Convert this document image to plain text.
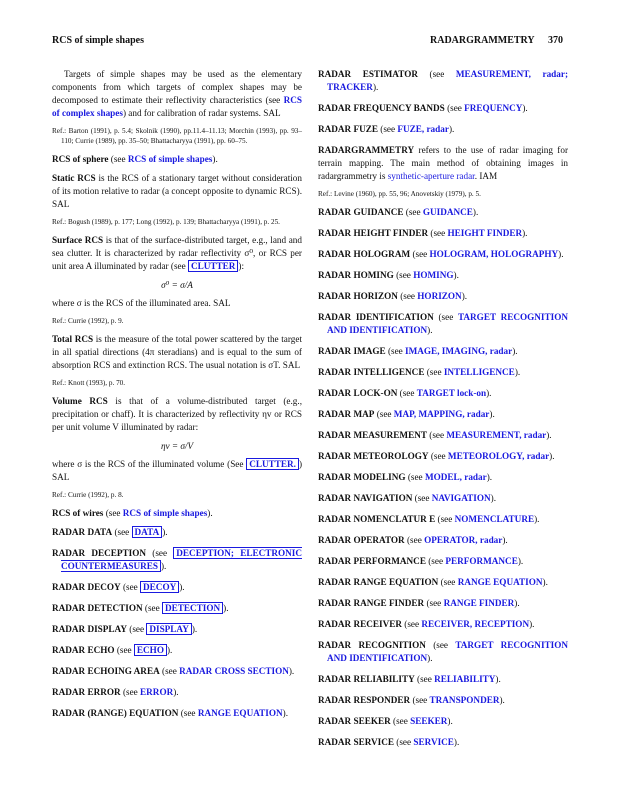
RCS of simple shapes	RADARGRAMMETRY 370

Targets of simple shapes may be used as the elementary components from which targets of complex shapes may be decomposed to estimate their reflectivity characteristics (see RCS of complex shapes) and for calibration of radar systems. SAL

Ref.: Barton (1991), p. 5.4; Skolnik (1990), pp.11.4–11.13; Morchin (1993), pp. 93–110; Currie (1989), pp. 35–50; Bhattacharyya (1991), pp. 60–75.

RCS of sphere (see RCS of simple shapes).

Static RCS is the RCS of a stationary target without consideration of its motion relative to radar (a concept opposite to dynamic RCS). SAL

Ref.: Bogush (1989), p. 177; Long (1992), p. 139; Bhattacharyya (1991), p. 25.

Surface RCS is that of the surface-distributed target, e.g., land and sea clutter. It is characterized by radar reflectivity σ⁰, or RCS per unit area A illuminated by radar (see CLUTTER ):

σ⁰ = σ/A

where σ is the RCS of the illuminated area. SAL

Ref.: Currie (1992), p. 9.

Total RCS is the measure of the total power scattered by the target in all spatial directions (4π steradians) and is equal to the sum of absorption RCS and extinction RCS. The usual notation is σT. SAL

Ref.: Knott (1993), p. 70.

Volume RCS is that of a volume-distributed target (e.g., precipitation or chaff). It is characterized by reflectivity ηv or RCS per unit volume V illuminated by radar:

ηv = σ/V

where σ is the RCS of the illuminated volume (See CLUTTER. ) SAL

Ref.: Currie (1992), p. 8.

RCS of wires (see RCS of simple shapes).

RADAR DATA (see DATA ).
RADAR DECEPTION (see DECEPTION; ELECTRONIC COUNTERMEASURES ).
RADAR DECOY (see DECOY ).
RADAR DETECTION (see DETECTION ).
RADAR DISPLAY (see DISPLAY ).
RADAR ECHO (see ECHO ).
RADAR ECHOING AREA (see RADAR CROSS SECTION).
RADAR ERROR (see ERROR).
RADAR (RANGE) EQUATION (see RANGE EQUATION).
RADAR ESTIMATOR (see MEASUREMENT, radar; TRACKER).
RADAR FREQUENCY BANDS (see FREQUENCY).
RADAR FUZE (see FUZE, radar).

RADARGRAMMETRY refers to the use of radar imaging for terrain mapping. The main method of obtaining images in radargrammetry is synthetic-aperture radar. IAM

Ref.: Levine (1960), pp. 55, 96; Anovetskiy (1979), p. 5.
RADAR GUIDANCE (see GUIDANCE).
RADAR HEIGHT FINDER (see HEIGHT FINDER).
RADAR HOLOGRAM (see HOLOGRAM, HOLOGRAPHY).
RADAR HOMING (see HOMING).
RADAR HORIZON (see HORIZON).
RADAR IDENTIFICATION (see TARGET RECOGNITION AND IDENTIFICATION).
RADAR IMAGE (see IMAGE, IMAGING, radar).
RADAR INTELLIGENCE (see INTELLIGENCE).
RADAR LOCK-ON (see TARGET lock-on).
RADAR MAP (see MAP, MAPPING, radar).
RADAR MEASUREMENT (see MEASUREMENT, radar).
RADAR METEOROLOGY (see METEOROLOGY, radar).
RADAR MODELING (see MODEL, radar).
RADAR NAVIGATION (see NAVIGATION).
RADAR NOMENCLATUR E (see NOMENCLATURE).
RADAR OPERATOR (see OPERATOR, radar).
RADAR PERFORMANCE (see PERFORMANCE).
RADAR RANGE EQUATION (see RANGE EQUATION).
RADAR RANGE FINDER (see RANGE FINDER).
RADAR RECEIVER (see RECEIVER, RECEPTION).
RADAR RECOGNITION (see TARGET RECOGNITION AND IDENTIFICATION).
RADAR RELIABILITY (see RELIABILITY).
RADAR RESPONDER (see TRANSPONDER).
RADAR SEEKER (see SEEKER).
RADAR SERVICE (see SERVICE).
